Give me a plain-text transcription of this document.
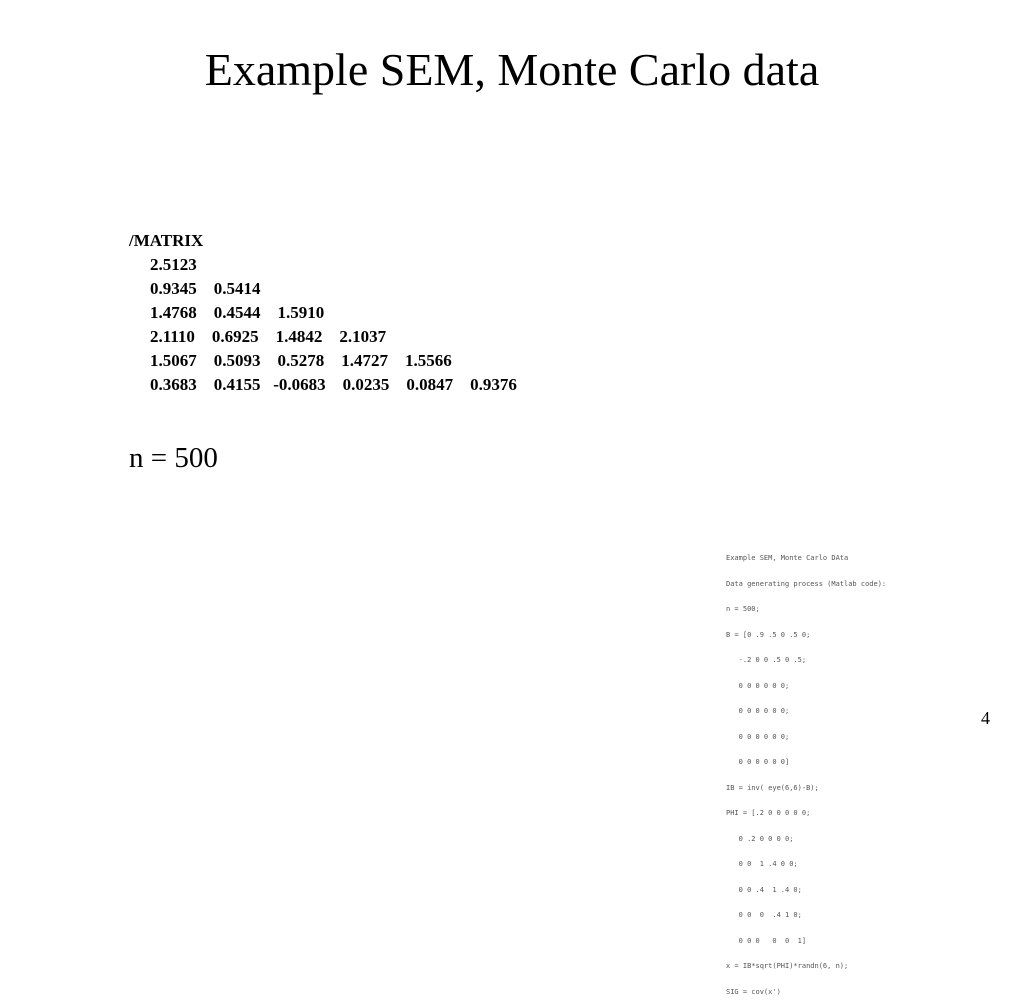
Example SEM, Monte Carlo data
/MATRIX
2.5123
0.9345 0.5414
1.4768 0.4544 1.5910
2.1110 0.6925 1.4842 2.1037
1.5067 0.5093 0.5278 1.4727 1.5566
0.3683 0.4155 -0.0683 0.0235 0.0847 0.9376
n = 500

Example SEM, Monte Carlo DAta

Data generating process (Matlab code):

n = 500;

B = [0 .9 .5 0 .5 0;

-.2 0 0 .5 0 .5;

0 0 0 0 0 0;

0 0 0 0 0 0;

0 0 0 0 0 0;

0 0 0 0 0 0]

IB = inv( eye(6,6)-B);

PHI = [.2 0 0 0 0 0;

0 .2 0 0 0 0;

0 0  1 .4 0 0;

0 0 .4  1 .4 0;

0 0  0  .4 1 0;

0 0 0   0  0  1]

x = IB*sqrt(PHI)*randn(6, n);

SIG = cov(x')

4
